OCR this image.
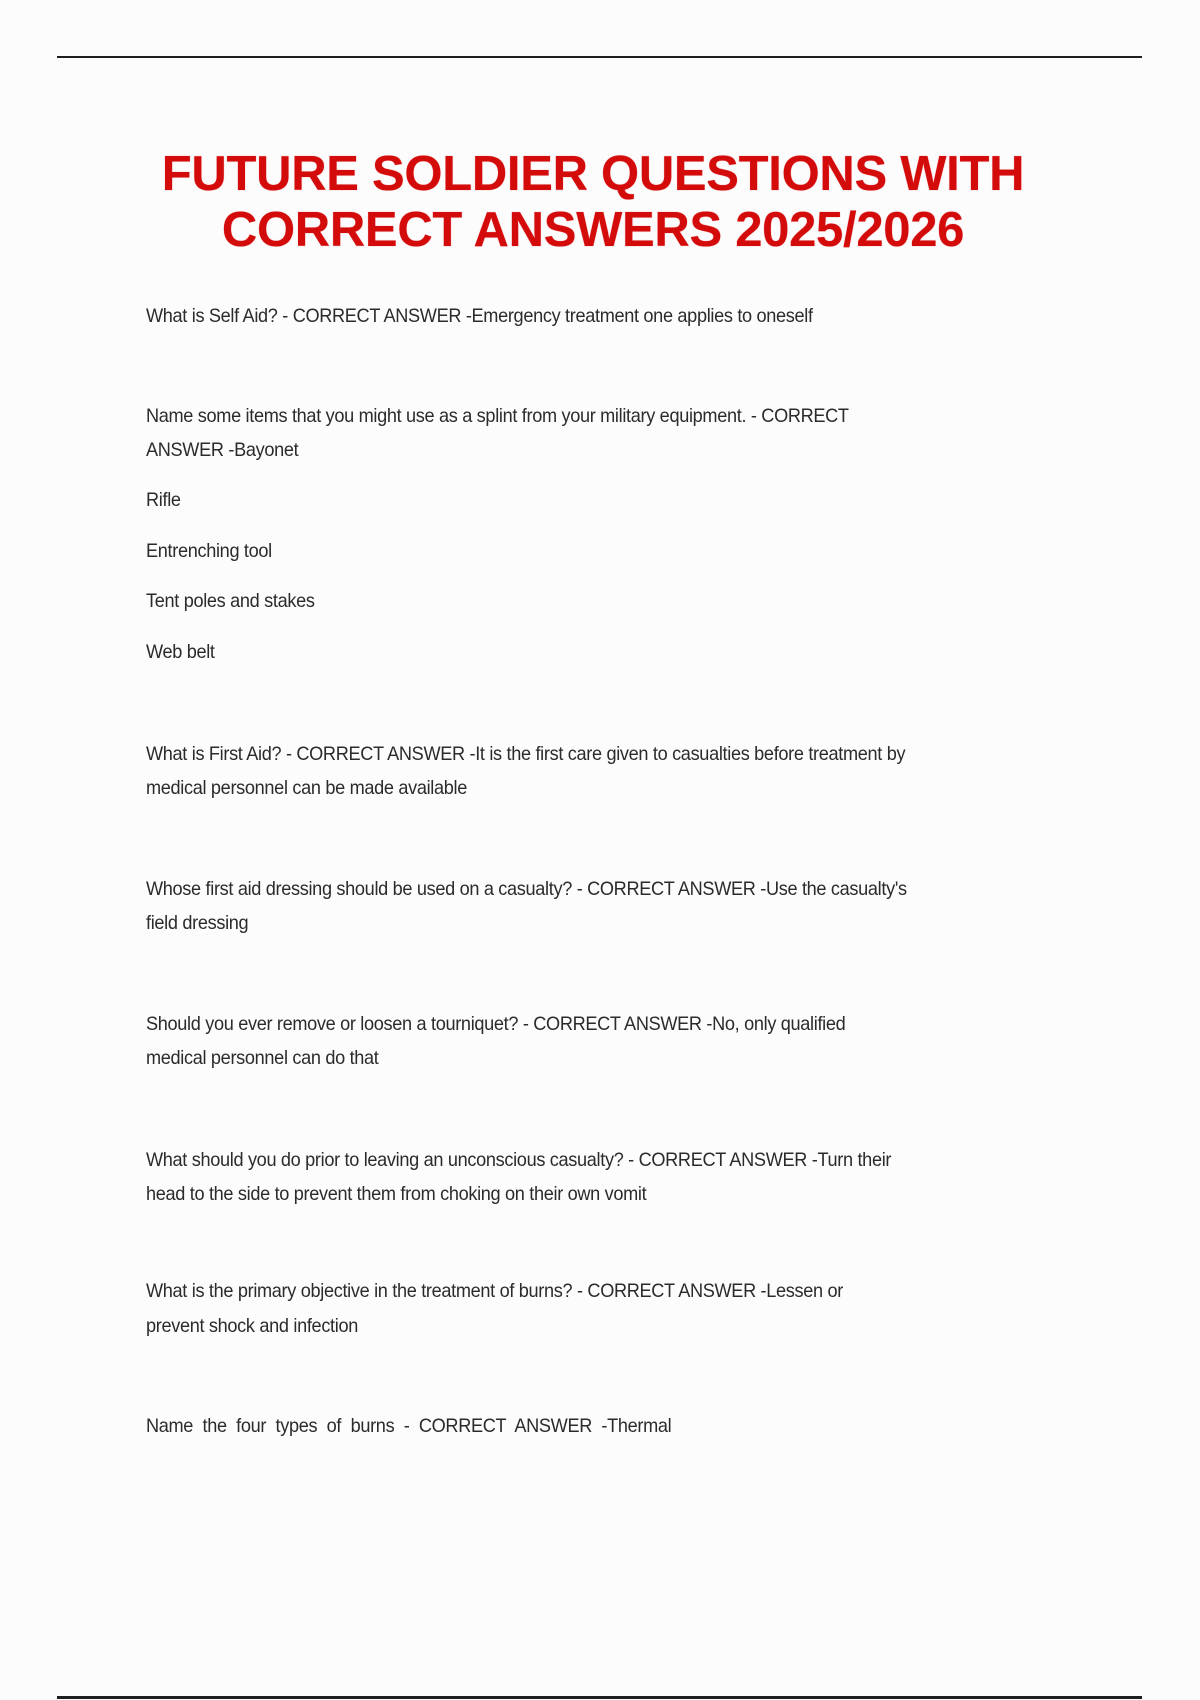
FUTURE SOLDIER QUESTIONS WITH
CORRECT ANSWERS 2025/2026
What is Self Aid? - CORRECT ANSWER -Emergency treatment one applies to oneself
Name some items that you might use as a splint from your military equipment. - CORRECT
ANSWER -Bayonet
Rifle
Entrenching tool
Tent poles and stakes
Web belt
What is First Aid? - CORRECT ANSWER -It is the first care given to casualties before treatment by
medical personnel can be made available
Whose first aid dressing should be used on a casualty? - CORRECT ANSWER -Use the casualty's
field dressing
Should you ever remove or loosen a tourniquet? - CORRECT ANSWER -No, only qualified
medical personnel can do that
What should you do prior to leaving an unconscious casualty? - CORRECT ANSWER -Turn their
head to the side to prevent them from choking on their own vomit
What is the primary objective in the treatment of burns? - CORRECT ANSWER -Lessen or
prevent shock and infection
Name  the  four  types  of  burns  -  CORRECT  ANSWER  -Thermal
